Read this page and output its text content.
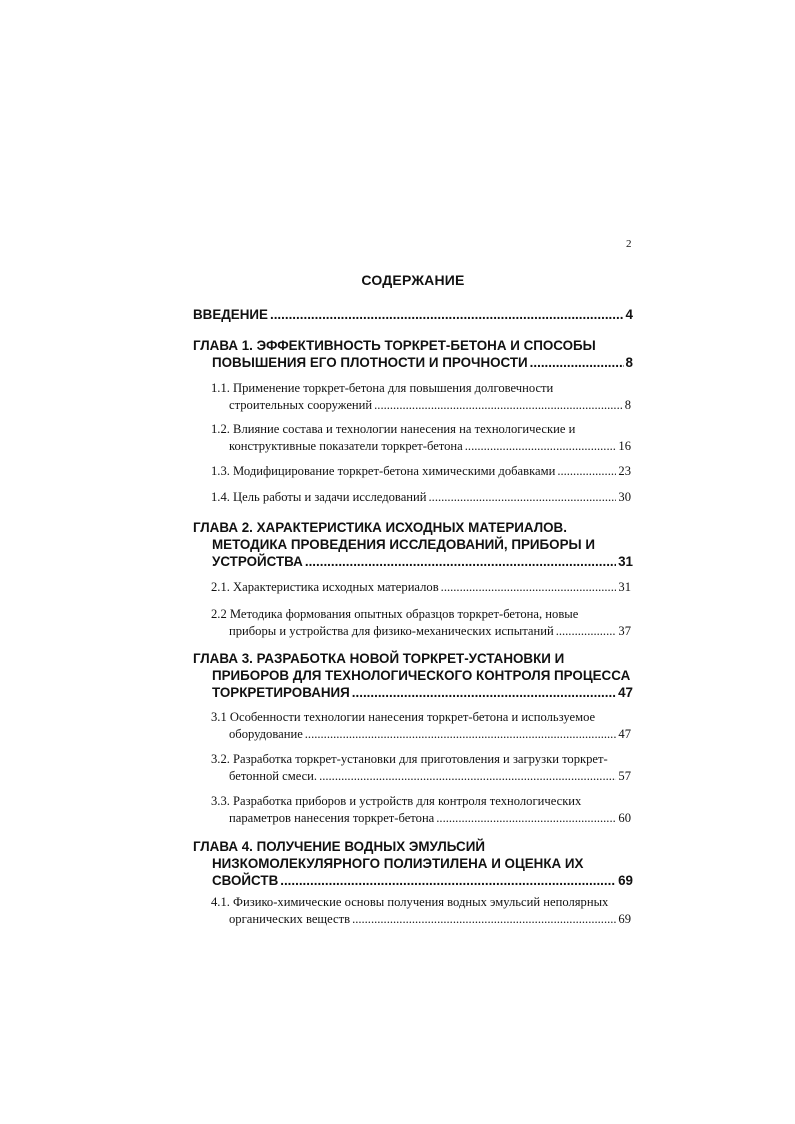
2
СОДЕРЖАНИЕ
ВВЕДЕНИЕ .....	4
ГЛАВА 1. ЭФФЕКТИВНОСТЬ ТОРКРЕТ-БЕТОНА И СПОСОБЫ
ПОВЫШЕНИЯ ЕГО ПЛОТНОСТИ И ПРОЧНОСТИ .....	8
1.1. Применение торкрет-бетона для повышения долговечности
строительных сооружений .....	8
1.2. Влияние состава и технологии нанесения на технологические и
конструктивные показатели торкрет-бетона .....	16
1.3. Модифицирование торкрет-бетона химическими добавками .....	23
1.4. Цель работы и задачи исследований .....	30
ГЛАВА 2. ХАРАКТЕРИСТИКА ИСХОДНЫХ МАТЕРИАЛОВ.
МЕТОДИКА ПРОВЕДЕНИЯ ИССЛЕДОВАНИЙ, ПРИБОРЫ И
УСТРОЙСТВА .....	31
2.1. Характеристика исходных материалов .....	31
2.2 Методика формования опытных образцов торкрет-бетона, новые
приборы и устройства для физико-механических испытаний .....	37
ГЛАВА 3. РАЗРАБОТКА НОВОЙ ТОРКРЕТ-УСТАНОВКИ И
ПРИБОРОВ ДЛЯ ТЕХНОЛОГИЧЕСКОГО КОНТРОЛЯ ПРОЦЕССА
ТОРКРЕТИРОВАНИЯ .....	47
3.1 Особенности технологии нанесения торкрет-бетона и используемое
оборудование .....	47
3.2. Разработка торкрет-установки для приготовления и загрузки торкрет-
бетонной смеси. .....	57
3.3. Разработка приборов и устройств для контроля технологических
параметров нанесения торкрет-бетона .....	60
ГЛАВА 4. ПОЛУЧЕНИЕ ВОДНЫХ ЭМУЛЬСИЙ
НИЗКОМОЛЕКУЛЯРНОГО ПОЛИЭТИЛЕНА И ОЦЕНКА ИХ
СВОЙСТВ .....	69
4.1. Физико-химические основы получения водных эмульсий неполярных
органических веществ .....	69
